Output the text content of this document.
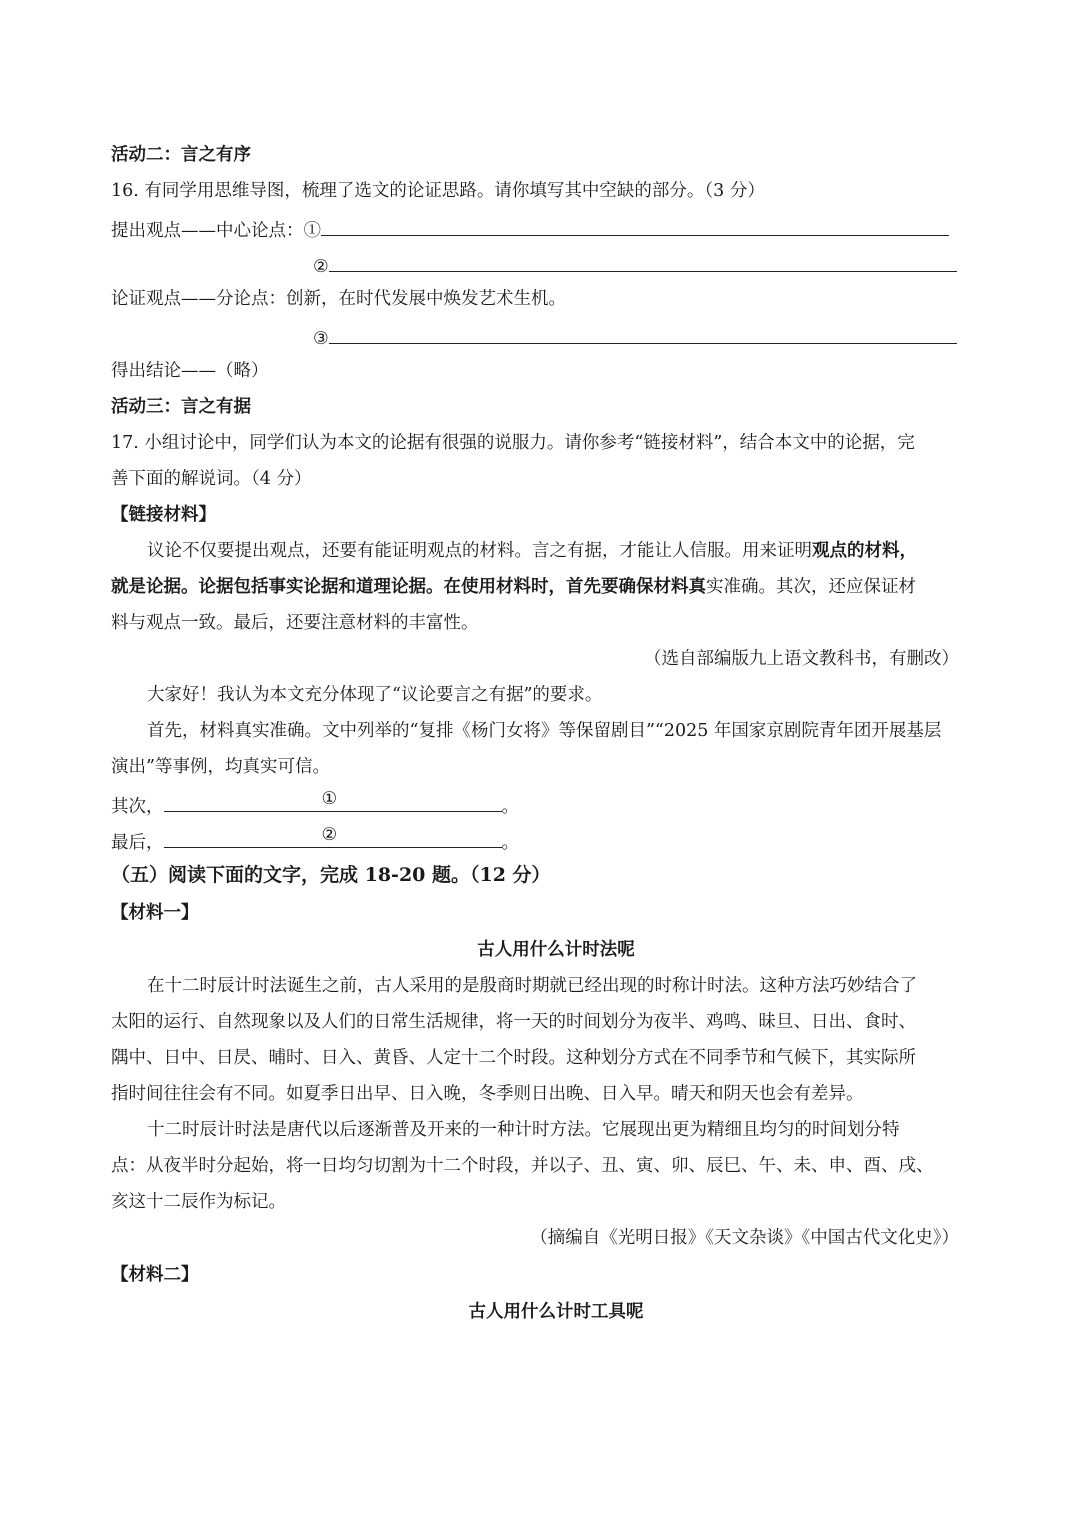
活动二：言之有序
16. 有同学用思维导图，梳理了选文的论证思路。请你填写其中空缺的部分。（3 分）
提出观点——中心论点：①
②
论证观点——分论点：创新，在时代发展中焕发艺术生机。
③
得出结论——（略）
活动三：言之有据
17. 小组讨论中，同学们认为本文的论据有很强的说服力。请你参考“链接材料”，结合本文中的论据，完
善下面的解说词。（4 分）
【链接材料】
议论不仅要提出观点，还要有能证明观点的材料。言之有据，才能让人信服。用来证明观点的材料，
就是论据。论据包括事实论据和道理论据。在使用材料时，首先要确保材料真实准确。其次，还应保证材
料与观点一致。最后，还要注意材料的丰富性。
（选自部编版九上语文教科书，有删改）
大家好！我认为本文充分体现了“议论要言之有据”的要求。
首先，材料真实准确。文中列举的“复排《杨门女将》等保留剧目”“2025 年国家京剧院青年团开展基层
演出”等事例，均真实可信。
其次，	①	。
最后，	②	。
（五）阅读下面的文字，完成 18-20 题。（12 分）
【材料一】
古人用什么计时法呢
在十二时辰计时法诞生之前，古人采用的是殷商时期就已经出现的时称计时法。这种方法巧妙结合了
太阳的运行、自然现象以及人们的日常生活规律，将一天的时间划分为夜半、鸡鸣、昧旦、日出、食时、
隅中、日中、日昃、晡时、日入、黄昏、人定十二个时段。这种划分方式在不同季节和气候下，其实际所
指时间往往会有不同。如夏季日出早、日入晚，冬季则日出晚、日入早。晴天和阴天也会有差异。
十二时辰计时法是唐代以后逐渐普及开来的一种计时方法。它展现出更为精细且均匀的时间划分特
点：从夜半时分起始，将一日均匀切割为十二个时段，并以子、丑、寅、卯、辰巳、午、未、申、酉、戌、
亥这十二辰作为标记。
（摘编自《光明日报》《天文杂谈》《中国古代文化史》）
【材料二】
古人用什么计时工具呢
